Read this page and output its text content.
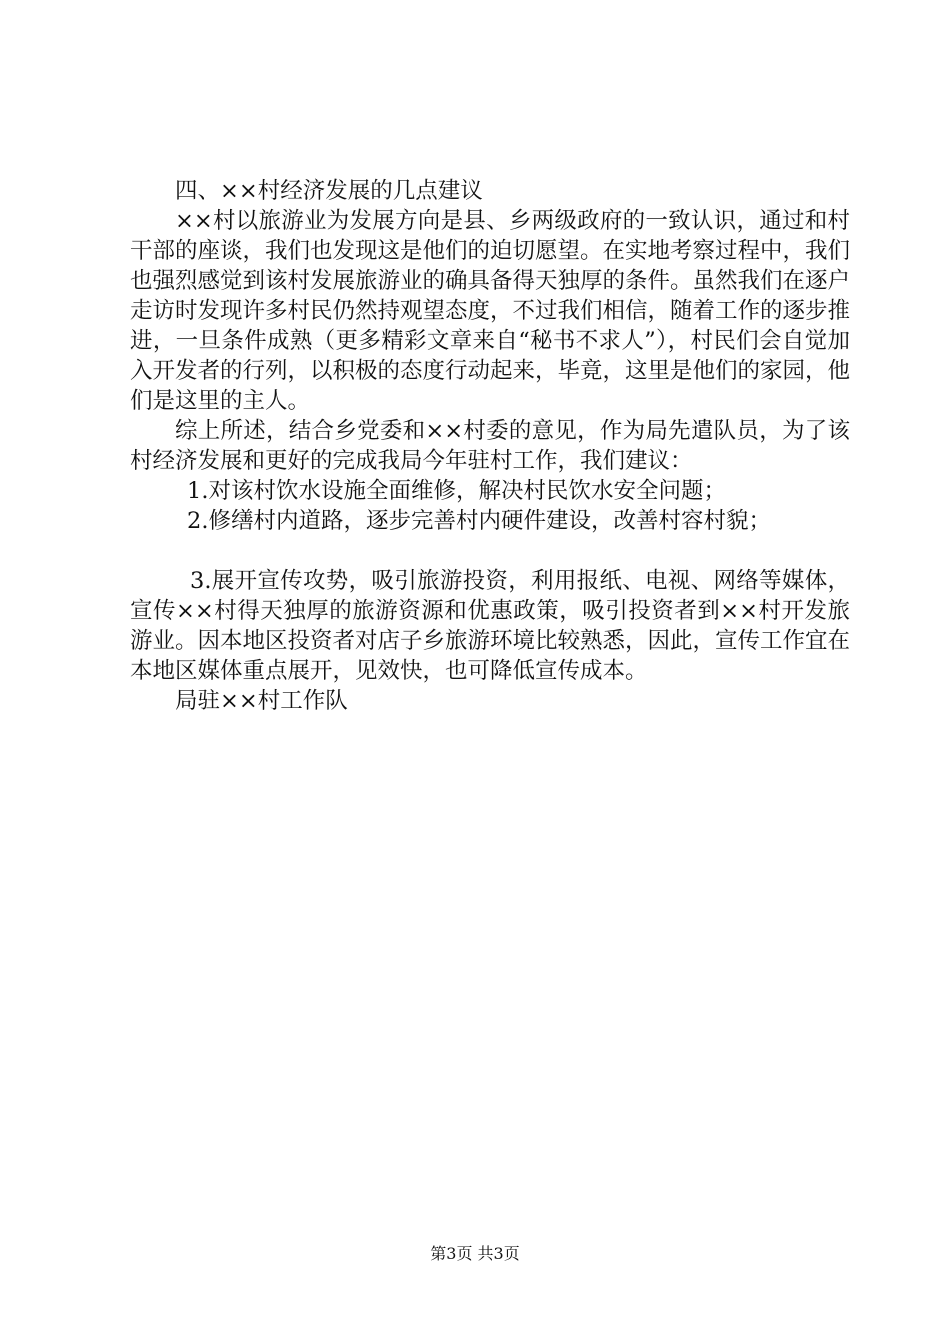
四、××村经济发展的几点建议

××村以旅游业为发展方向是县、乡两级政府的一致认识，通过和村干部的座谈，我们也发现这是他们的迫切愿望。在实地考察过程中，我们也强烈感觉到该村发展旅游业的确具备得天独厚的条件。虽然我们在逐户走访时发现许多村民仍然持观望态度，不过我们相信，随着工作的逐步推进，一旦条件成熟（更多精彩文章来自“秘书不求人”），村民们会自觉加入开发者的行列，以积极的态度行动起来，毕竟，这里是他们的家园，他们是这里的主人。

综上所述，结合乡党委和××村委的意见，作为局先遣队员，为了该村经济发展和更好的完成我局今年驻村工作，我们建议：

1.对该村饮水设施全面维修，解决村民饮水安全问题；

2.修缮村内道路，逐步完善村内硬件建设，改善村容村貌；

3.展开宣传攻势，吸引旅游投资，利用报纸、电视、网络等媒体，宣传××村得天独厚的旅游资源和优惠政策，吸引投资者到××村开发旅游业。因本地区投资者对店子乡旅游环境比较熟悉，因此，宣传工作宜在本地区媒体重点展开，见效快，也可降低宣传成本。

局驻××村工作队

第3页 共3页
